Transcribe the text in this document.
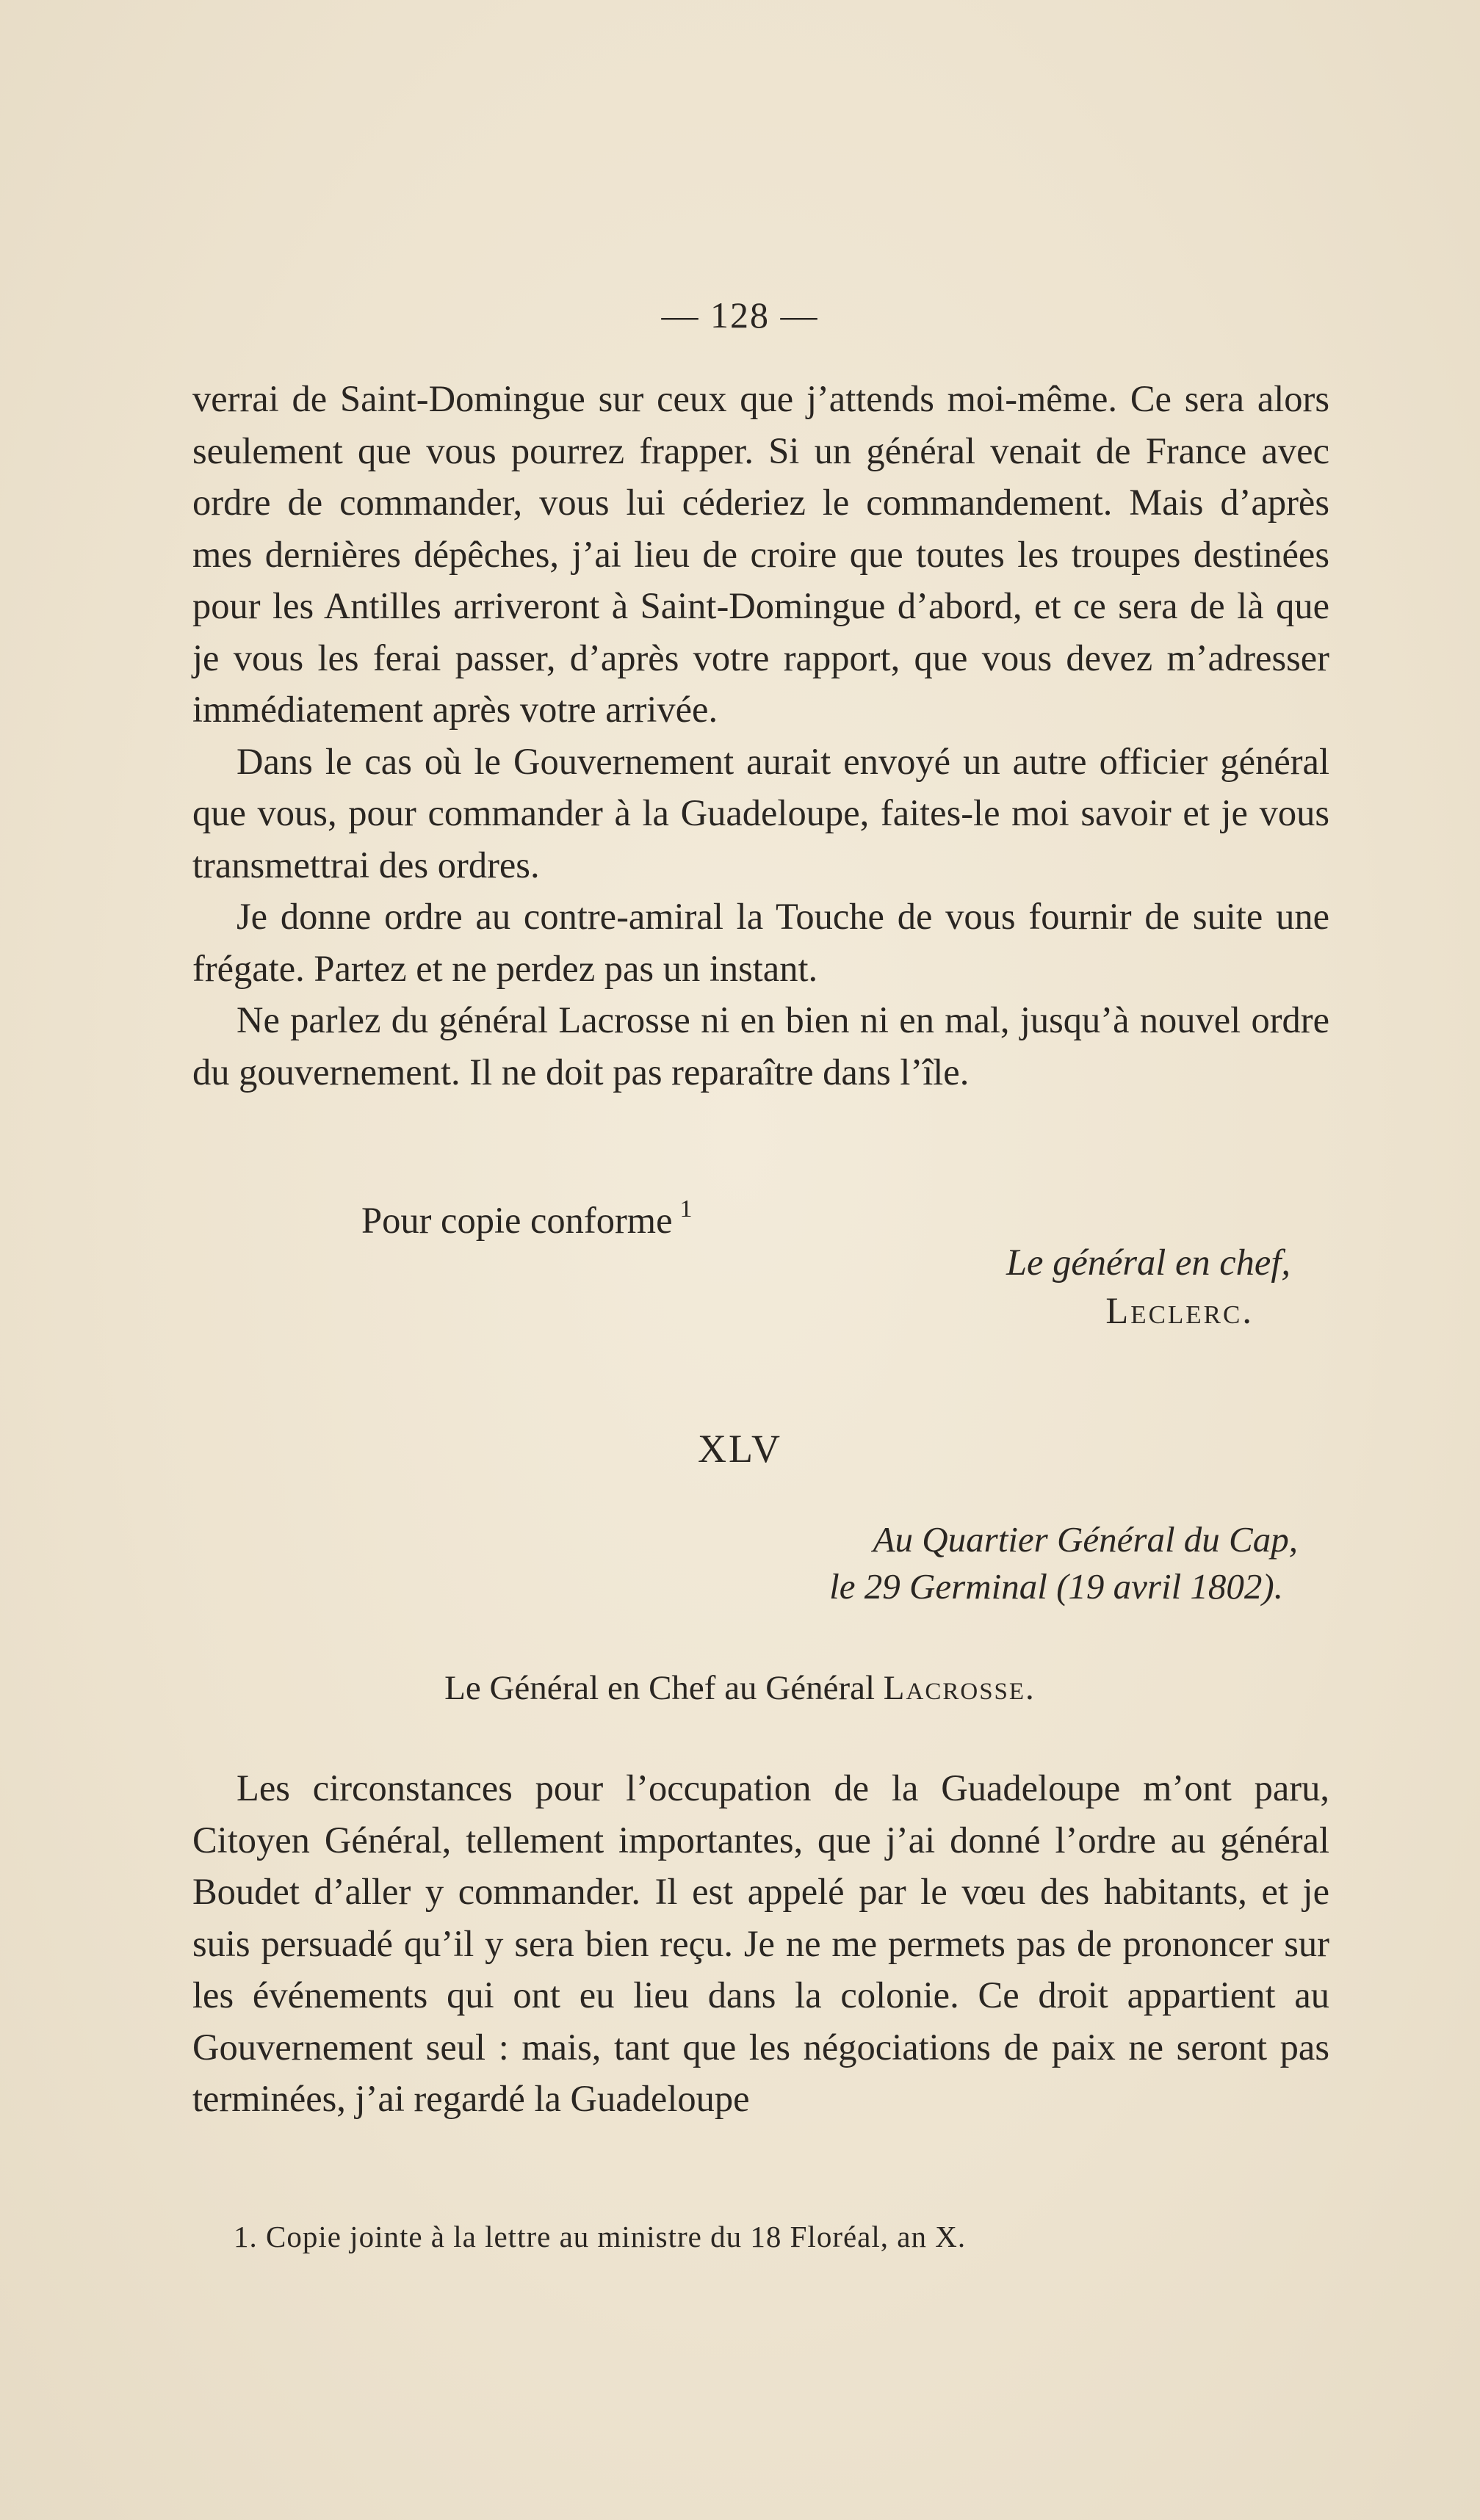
— 128 —

verrai de Saint-Domingue sur ceux que j’attends moi-même. Ce sera alors seulement que vous pourrez frapper. Si un général venait de France avec ordre de commander, vous lui céderiez le commandement. Mais d’après mes dernières dépêches, j’ai lieu de croire que toutes les troupes destinées pour les Antilles arriveront à Saint-Domingue d’abord, et ce sera de là que je vous les ferai passer, d’après votre rapport, que vous devez m’adresser immédiatement après votre arrivée.

Dans le cas où le Gouvernement aurait envoyé un autre officier général que vous, pour commander à la Guadeloupe, faites-le moi savoir et je vous transmettrai des ordres.

Je donne ordre au contre-amiral la Touche de vous fournir de suite une frégate. Partez et ne perdez pas un instant.

Ne parlez du général Lacrosse ni en bien ni en mal, jusqu’à nouvel ordre du gouvernement. Il ne doit pas reparaître dans l’île.

Pour copie conforme $^1$
Le général en chef,
Leclerc.
XLV
Au Quartier Général du Cap,
le 29 Germinal (19 avril 1802).
Le Général en Chef au Général Lacrosse.

Les circonstances pour l’occupation de la Guadeloupe m’ont paru, Citoyen Général, tellement importantes, que j’ai donné l’ordre au général Boudet d’aller y commander. Il est appelé par le vœu des habitants, et je suis persuadé qu’il y sera bien reçu. Je ne me permets pas de prononcer sur les événements qui ont eu lieu dans la colonie. Ce droit appartient au Gouvernement seul : mais, tant que les négociations de paix ne seront pas terminées, j’ai regardé la Guadeloupe

1. Copie jointe à la lettre au ministre du 18 Floréal, an X.
